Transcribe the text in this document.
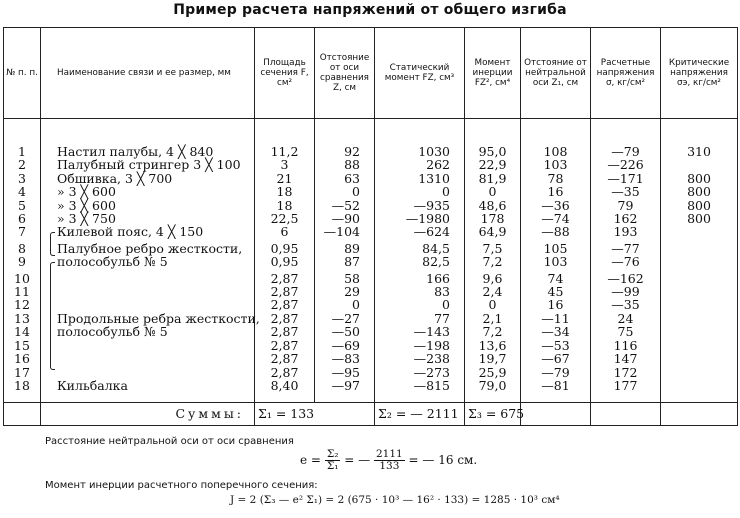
Пример расчета напряжений от общего изгиба
№ п. п.	Наименование связи и ее размер, мм	Площадь сечения F, см²	Отстояние от оси сравнения Z, см	Статический момент FZ, см³	Момент инерции FZ², см⁴	Отстояние от нейтральной оси Z₁, см	Расчетные напряжения σ, кг/см²	Критические напряжения σэ, кг/см²

1	Настил палубы, 4 ╳ 840	11,2	92	1030	95,0	108	—79	310
2	Палубный стрингер 3 ╳ 100	3	88	262	22,9	103	—226	
3	Обшивка, 3 ╳ 700	21	63	1310	81,9	78	—171	800
4	» 3 ╳ 600	18	0	0	0	16	—35	800
5	» 3 ╳ 600	18	—52	—935	48,6	—36	79	800
6	» 3 ╳ 750	22,5	—90	—1980	178	—74	162	800
7	Килевой пояс, 4 ╳ 150	6	—104	—624	64,9	—88	193	

8	Палубное ребро жесткости,	0,95	89	84,5	7,5	105	—77	
9	полособульб № 5	0,95	87	82,5	7,2	103	—76	

10		2,87	58	166	9,6	74	—162	
11		2,87	29	83	2,4	45	—99	
12		2,87	0	0	0	16	—35	
13	Продольные ребра жесткости,	2,87	—27	77	2,1	—11	24	
14	полособульб № 5	2,87	—50	—143	7,2	—34	75	
15		2,87	—69	—198	13,6	—53	116	
16		2,87	—83	—238	19,7	—67	147	
17		2,87	—95	—273	25,9	—79	172	
18	Кильбалка	8,40	—97	—815	79,0	—81	177	

	Суммы:	Σ₁ = 133		Σ₂ = — 2111	Σ₃ = 675			
Расстояние нейтральной оси от оси сравнения
$e = \frac{\text{Σ₂}}{\text{Σ₁}}$ = — $\frac{2111}{133}$ = — 16 см.
Момент инерции расчетного поперечного сечения:
J = 2 (Σ₃ — e² Σ₁) = 2 (675 · 10³ — 16² · 133) = 1285 · 10³ см⁴
